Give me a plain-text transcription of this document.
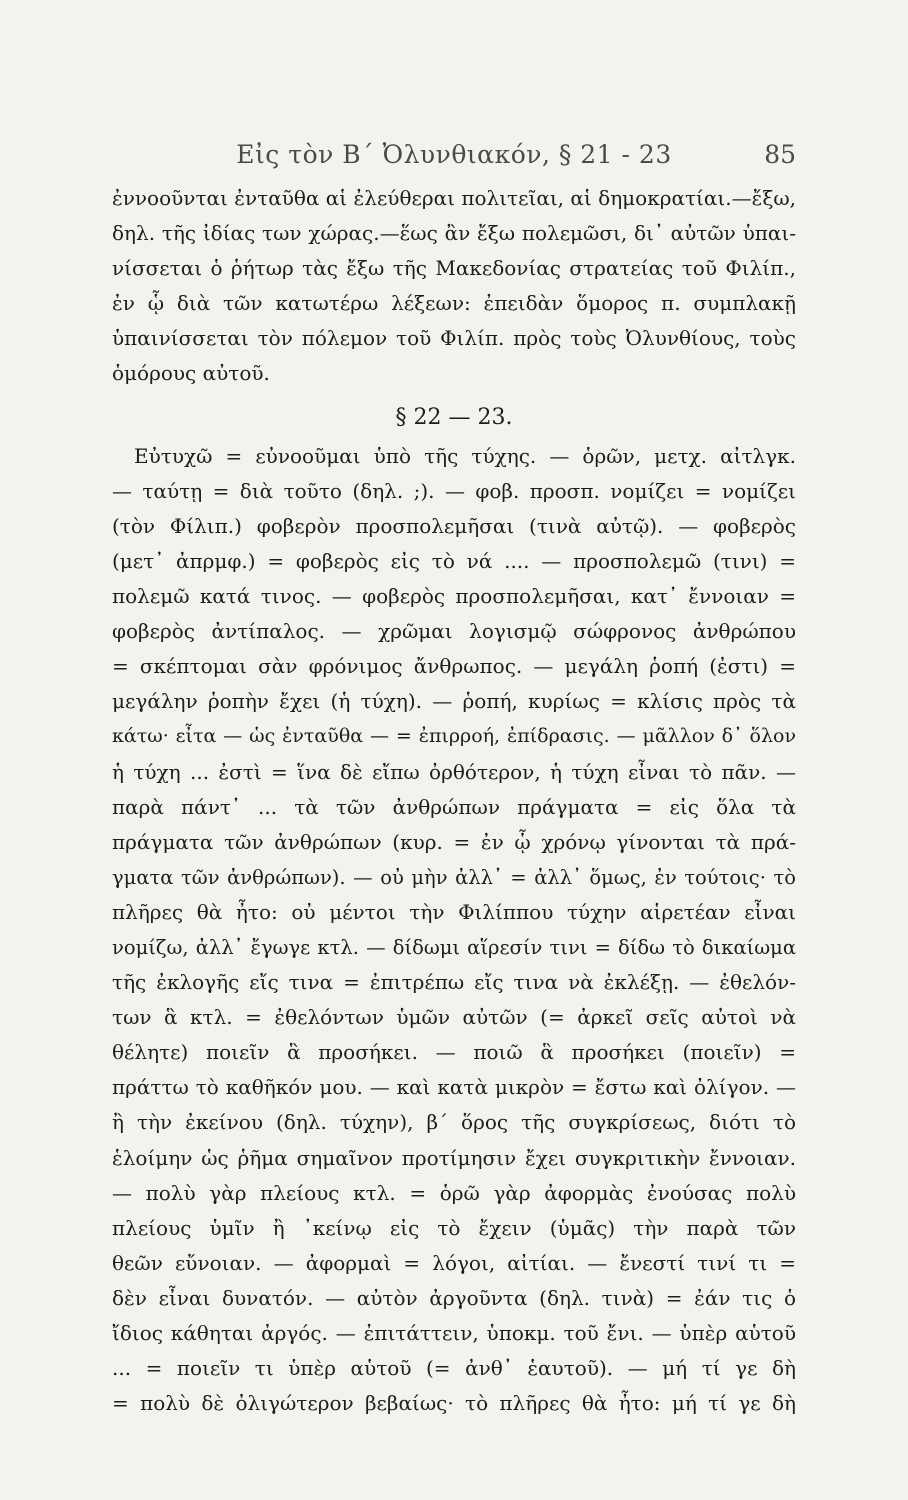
Εἰς τὸν Β΄ Ὀλυνθιακόν, § 21 - 23	85
ἐννοοῦνται ἐνταῦθα αἱ ἐλεύθεραι πολιτεῖαι, αἱ δημοκρατίαι.—ἔξω,
δηλ. τῆς ἰδίας των χώρας.—ἕως ἂν ἔξω πολεμῶσι, δι᾽ αὐτῶν ὑπαι-
νίσσεται ὁ ῥήτωρ τὰς ἔξω τῆς Μακεδονίας στρατείας τοῦ Φιλίπ.,
ἐν ᾧ διὰ τῶν κατωτέρω λέξεων: ἐπειδὰν ὅμορος π. συμπλακῇ
ὑπαινίσσεται τὸν πόλεμον τοῦ Φιλίπ. πρὸς τοὺς Ὀλυνθίους, τοὺς
ὁμόρους αὐτοῦ.
§ 22 — 23.
Εὐτυχῶ = εὐνοοῦμαι ὑπὸ τῆς τύχης. — ὁρῶν, μετχ. αἰτλγκ.
— ταύτῃ = διὰ τοῦτο (δηλ. ;). — φοβ. προσπ. νομίζει = νομίζει
(τὸν Φίλιπ.) φοβερὸν προσπολεμῆσαι (τινὰ αὐτῷ). — φοβερὸς
(μετ᾽ ἀπρμφ.) = φοβερὸς εἰς τὸ νά .... — προσπολεμῶ (τινι) =
πολεμῶ κατά τινος. — φοβερὸς προσπολεμῆσαι, κατ᾽ ἔννοιαν =
φοβερὸς ἀντίπαλος. — χρῶμαι λογισμῷ σώφρονος ἀνθρώπου
= σκέπτομαι σὰν φρόνιμος ἄνθρωπος. — μεγάλη ῥοπή (ἐστι) =
μεγάλην ῥοπὴν ἔχει (ἡ τύχη). — ῥοπή, κυρίως = κλίσις πρὸς τὰ
κάτω· εἶτα — ὡς ἐνταῦθα — = ἐπιρροή, ἐπίδρασις. — μᾶλλον δ᾽ ὅλον
ἡ τύχη ... ἐστὶ = ἵνα δὲ εἴπω ὀρθότερον, ἡ τύχη εἶναι τὸ πᾶν. —
παρὰ πάντ᾽ ... τὰ τῶν ἀνθρώπων πράγματα = εἰς ὅλα τὰ
πράγματα τῶν ἀνθρώπων (κυρ. = ἐν ᾧ χρόνῳ γίνονται τὰ πρά-
γματα τῶν ἀνθρώπων). — οὐ μὴν ἀλλ᾽ = ἀλλ᾽ ὅμως, ἐν τούτοις· τὸ
πλῆρες θὰ ἦτο: οὐ μέντοι τὴν Φιλίππου τύχην αἱρετέαν εἶναι
νομίζω, ἀλλ᾽ ἔγωγε κτλ. — δίδωμι αἵρεσίν τινι = δίδω τὸ δικαίωμα
τῆς ἐκλογῆς εἴς τινα = ἐπιτρέπω εἴς τινα νὰ ἐκλέξῃ. — ἐθελόν-
των ἃ κτλ. = ἐθελόντων ὑμῶν αὐτῶν (= ἀρκεῖ σεῖς αὐτοὶ νὰ
θέλητε) ποιεῖν ἃ προσήκει. — ποιῶ ἃ προσήκει (ποιεῖν) =
πράττω τὸ καθῆκόν μου. — καὶ κατὰ μικρὸν = ἔστω καὶ ὀλίγον. —
ἢ τὴν ἐκείνου (δηλ. τύχην), β΄ ὅρος τῆς συγκρίσεως, διότι τὸ
ἑλοίμην ὡς ῥῆμα σημαῖνον προτίμησιν ἔχει συγκριτικὴν ἔννοιαν.
— πολὺ γὰρ πλείους κτλ. = ὁρῶ γὰρ ἀφορμὰς ἐνούσας πολὺ
πλείους ὑμῖν ἢ ᾽κείνῳ εἰς τὸ ἔχειν (ὑμᾶς) τὴν παρὰ τῶν
θεῶν εὔνοιαν. — ἀφορμαὶ = λόγοι, αἰτίαι. — ἔνεστί τινί τι =
δὲν εἶναι δυνατόν. — αὐτὸν ἀργοῦντα (δηλ. τινὰ) = ἐάν τις ὁ
ἴδιος κάθηται ἀργός. — ἐπιτάττειν, ὑποκμ. τοῦ ἔνι. — ὑπὲρ αὑτοῦ
... = ποιεῖν τι ὑπὲρ αὑτοῦ (= ἀνθ᾽ ἑαυτοῦ). — μή τί γε δὴ
= πολὺ δὲ ὀλιγώτερον βεβαίως· τὸ πλῆρες θὰ ἦτο: μή τί γε δὴ
